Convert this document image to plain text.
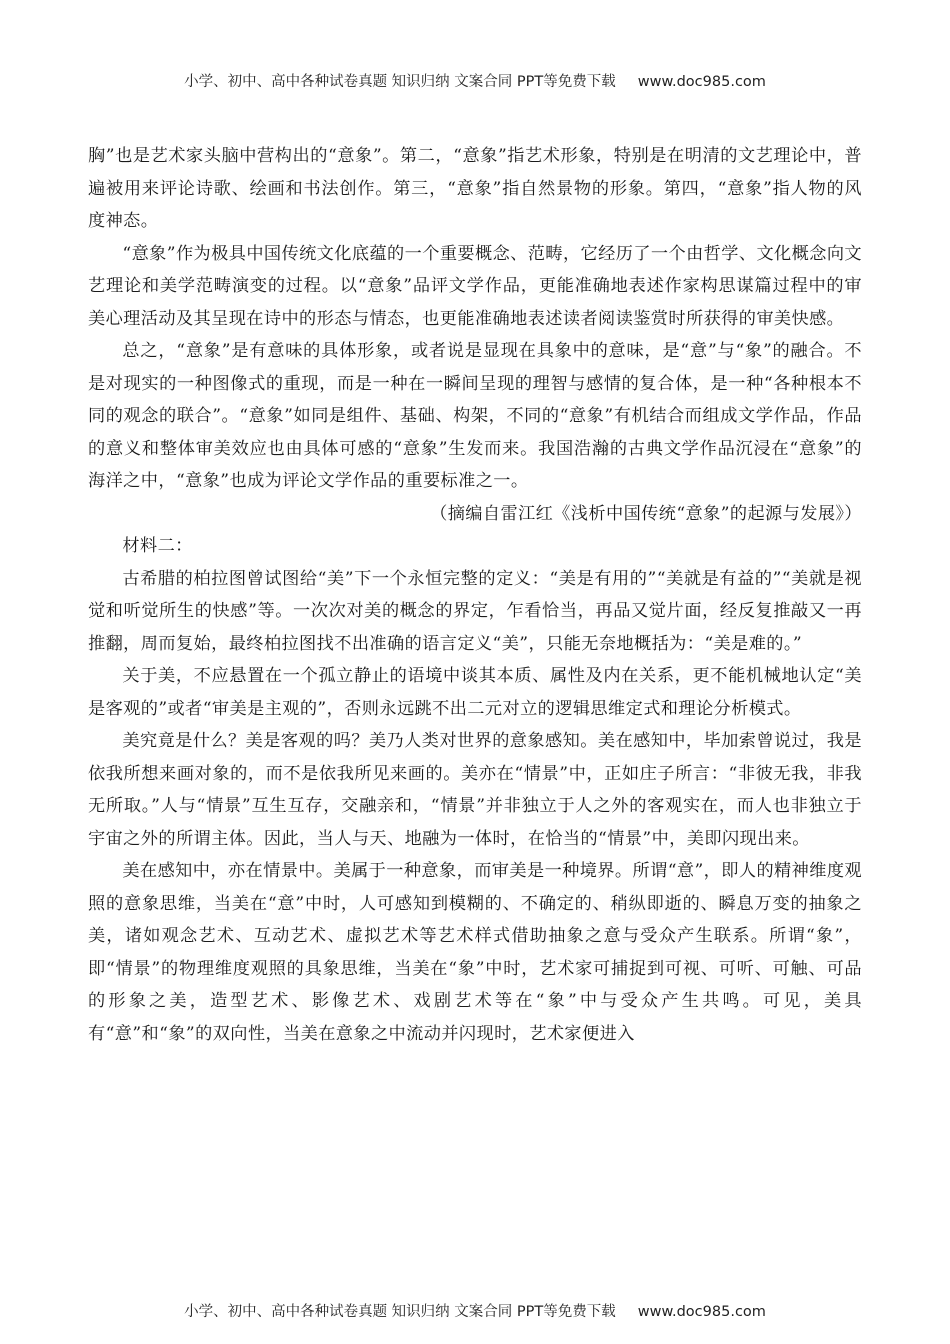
小学、初中、高中各种试卷真题 知识归纳 文案合同 PPT等免费下载 www.doc985.com

胸”也是艺术家头脑中营构出的“意象”。第二，“意象”指艺术形象，特别是在明清的文艺理论中，普遍被用来评论诗歌、绘画和书法创作。第三，“意象”指自然景物的形象。第四，“意象”指人物的风度神态。

“意象”作为极具中国传统文化底蕴的一个重要概念、范畴，它经历了一个由哲学、文化概念向文艺理论和美学范畴演变的过程。以“意象”品评文学作品，更能准确地表述作家构思谋篇过程中的审美心理活动及其呈现在诗中的形态与情态，也更能准确地表述读者阅读鉴赏时所获得的审美快感。

总之，“意象”是有意味的具体形象，或者说是显现在具象中的意味，是“意”与“象”的融合。不是对现实的一种图像式的重现，而是一种在一瞬间呈现的理智与感情的复合体，是一种“各种根本不同的观念的联合”。“意象”如同是组件、基础、构架，不同的“意象”有机结合而组成文学作品，作品的意义和整体审美效应也由具体可感的“意象”生发而来。我国浩瀚的古典文学作品沉浸在“意象”的海洋之中，“意象”也成为评论文学作品的重要标准之一。

（摘编自雷江红《浅析中国传统“意象”的起源与发展》）

材料二：

古希腊的柏拉图曾试图给“美”下一个永恒完整的定义：“美是有用的”“美就是有益的”“美就是视觉和听觉所生的快感”等。一次次对美的概念的界定，乍看恰当，再品又觉片面，经反复推敲又一再推翻，周而复始，最终柏拉图找不出准确的语言定义“美”，只能无奈地概括为：“美是难的。”

关于美，不应悬置在一个孤立静止的语境中谈其本质、属性及内在关系，更不能机械地认定“美是客观的”或者“审美是主观的”，否则永远跳不出二元对立的逻辑思维定式和理论分析模式。

美究竟是什么？美是客观的吗？美乃人类对世界的意象感知。美在感知中，毕加索曾说过，我是依我所想来画对象的，而不是依我所见来画的。美亦在“情景”中，正如庄子所言：“非彼无我，非我无所取。”人与“情景”互生互存，交融亲和，“情景”并非独立于人之外的客观实在，而人也非独立于宇宙之外的所谓主体。因此，当人与天、地融为一体时，在恰当的“情景”中，美即闪现出来。

美在感知中，亦在情景中。美属于一种意象，而审美是一种境界。所谓“意”，即人的精神维度观照的意象思维，当美在“意”中时，人可感知到模糊的、不确定的、稍纵即逝的、瞬息万变的抽象之美，诸如观念艺术、互动艺术、虚拟艺术等艺术样式借助抽象之意与受众产生联系。所谓“象”，即“情景”的物理维度观照的具象思维，当美在“象”中时，艺术家可捕捉到可视、可听、可触、可品的形象之美，造型艺术、影像艺术、戏剧艺术等在“象”中与受众产生共鸣。可见，美具有“意”和“象”的双向性，当美在意象之中流动并闪现时，艺术家便进入

小学、初中、高中各种试卷真题 知识归纳 文案合同 PPT等免费下载 www.doc985.com
